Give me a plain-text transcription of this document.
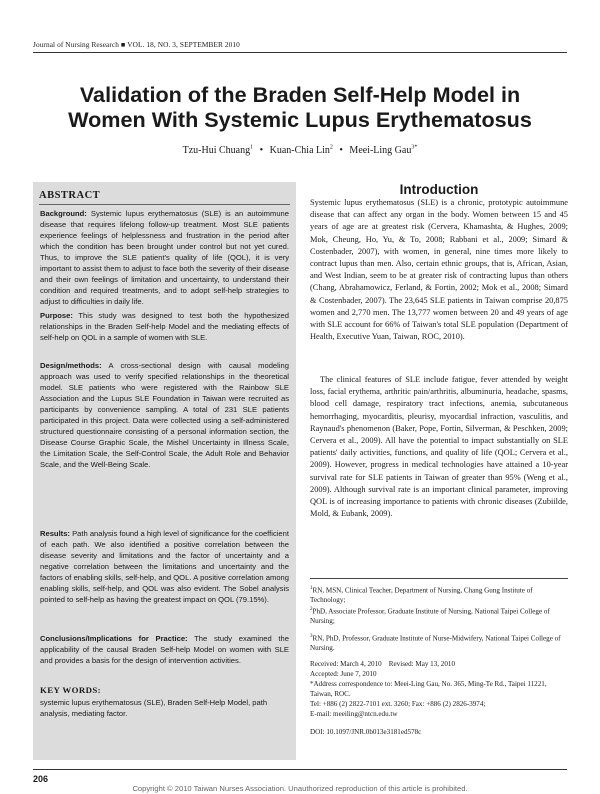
Journal of Nursing Research ■ VOL. 18, NO. 3, SEPTEMBER 2010
Validation of the Braden Self-Help Model in
Women With Systemic Lupus Erythematosus
Tzu-Hui Chuang$^1$ • Kuan-Chia Lin$^2$ • Meei-Ling Gau$^{3*}$
ABSTRACT
Background: Systemic lupus erythematosus (SLE) is an autoimmune disease that requires lifelong follow-up treatment. Most SLE patients experience feelings of helplessness and frustration in the period after which the condition has been brought under control but not yet cured. Thus, to improve the SLE patient's quality of life (QOL), it is very important to assist them to adjust to face both the severity of their disease and their own feelings of limitation and uncertainty, to understand their condition and required treatments, and to adopt self-help strategies to adjust to difficulties in daily life.
Purpose: This study was designed to test both the hypothesized relationships in the Braden Self-help Model and the mediating effects of self-help on QOL in a sample of women with SLE.
Design/methods: A cross-sectional design with causal modeling approach was used to verify specified relationships in the theoretical model. SLE patients who were registered with the Rainbow SLE Association and the Lupus SLE Foundation in Taiwan were recruited as participants by convenience sampling. A total of 231 SLE patients participated in this project. Data were collected using a self-administered structured questionnaire consisting of a personal information section, the Disease Course Graphic Scale, the Mishel Uncertainty in Illness Scale, the Limitation Scale, the Self-Control Scale, the Adult Role and Behavior Scale, and the Well-Being Scale.
Results: Path analysis found a high level of significance for the coefficient of each path. We also identified a positive correlation between the disease severity and limitations and the factor of uncertainty and a negative correlation between the limitations and uncertainty and the factors of enabling skills, self-help, and QOL. A positive correlation among enabling skills, self-help, and QOL was also evident. The Sobel analysis pointed to self-help as having the greatest impact on QOL (79.15%).
Conclusions/Implications for Practice: The study examined the applicability of the causal Braden Self-help Model on women with SLE and provides a basis for the design of intervention activities.
KEY WORDS:
systemic lupus erythematosus (SLE), Braden Self-Help Model, path analysis, mediating factor.
Introduction
Systemic lupus erythematosus (SLE) is a chronic, prototypic autoimmune disease that can affect any organ in the body. Women between 15 and 45 years of age are at greatest risk (Cervera, Khamashta, & Hughes, 2009; Mok, Cheung, Ho, Yu, & To, 2008; Rabbani et al., 2009; Simard & Costenbader, 2007), with women, in general, nine times more likely to contract lupus than men. Also, certain ethnic groups, that is, African, Asian, and West Indian, seem to be at greater risk of contracting lupus than others (Chang, Abrahamowicz, Ferland, & Fortin, 2002; Mok et al., 2008; Simard & Costenbader, 2007). The 23,645 SLE patients in Taiwan comprise 20,875 women and 2,770 men. The 13,777 women between 20 and 49 years of age with SLE account for 66% of Taiwan's total SLE population (Department of Health, Executive Yuan, Taiwan, ROC, 2010).
The clinical features of SLE include fatigue, fever attended by weight loss, facial erythema, arthritic pain/arthritis, albuminuria, headache, spasms, blood cell damage, respiratory tract infections, anemia, subcutaneous hemorrhaging, myocarditis, pleurisy, myocardial infraction, vasculitis, and Raynaud's phenomenon (Baker, Pope, Fortin, Silverman, & Peschken, 2009; Cervera et al., 2009). All have the potential to impact substantially on SLE patients' daily activities, functions, and quality of life (QOL; Cervera et al., 2009). However, progress in medical technologies have attained a 10-year survival rate for SLE patients in Taiwan of greater than 95% (Weng et al., 2009). Although survival rate is an important clinical parameter, improving QOL is of increasing importance to patients with chronic diseases (Zubiilde, Mold, & Eubank, 2009).
$^1$RN, MSN, Clinical Teacher, Department of Nursing, Chang Gung Institute of Technology;
$^2$PhD, Associate Professor, Graduate Institute of Nursing, National Taipei College of Nursing;
$^3$RN, PhD, Professor, Graduate Institute of Nurse-Midwifery, National Taipei College of Nursing.
Received: March 4, 2010    Revised: May 13, 2010
Accepted: June 7, 2010
*Address correspondence to: Meei-Ling Gau, No. 365, Ming-Te Rd., Taipei 11221, Taiwan, ROC.
Tel: +886 (2) 2822-7101 ext. 3260; Fax: +886 (2) 2826-3974;
E-mail: meeiling@ntcn.edu.tw
DOI: 10.1097/JNR.0b013e3181ed578c
206
Copyright © 2010 Taiwan Nurses Association. Unauthorized reproduction of this article is prohibited.
